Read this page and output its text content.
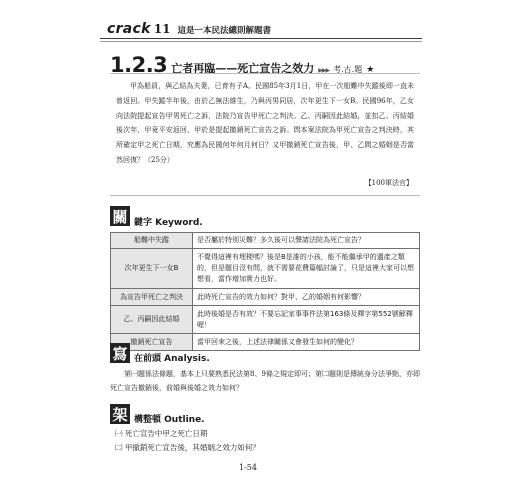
crack 11 這是一本民法總則解題書
1.2.3 亡者再臨——死亡宣告之效力 ▶▶▶ 考.古.題 ★

甲為船員，與乙結為夫妻，已育有子A。民國85年3月1日，甲在一次船難中失蹤後即一直未曾返回。甲失蹤半年後，由於乙無法維生，乃與丙男同居，次年更生下一女B。民國96年，乙女向法院提起宣告甲男死亡之訴，法院乃宣告甲死亡之判決。乙、丙嗣因此結婚，並扣乙、丙結婚後次年，甲竟平安返回，甲於是提起撤銷死亡宣告之訴。問本案法院為甲死亡宣告之判決時，其所確定甲之死亡日期，究應為民國何年何月何日？又甲撤銷死亡宣告後，甲、乙間之婚姻是否當然回復？（25分）

【100軍法官】
關 鍵字 Keyword.
船難中失蹤	是否屬於特別災難？多久後可以聲請法院為死亡宣告？
次年更生下一女B	不覺得這裡有埋梗嗎？後是B是誰的小孩，能不能繼承甲的遺產之類的，但是題目沒有問，就不需要花費篇幅討論了，只是這裡大家可以想想看，當作增加實力也好。
為宣告甲死亡之判決	此時死亡宣告的效力如何？對甲、乙的婚姻有何影響？
乙、丙嗣因此結婚	此時後婚是否有效？不要忘記家事事件法第163條及釋字第552號解釋喔！
撤銷死亡宣告	當甲回來之後，上述法律關係又會發生如何的變化？
寫 在前頭 Analysis.

第㈠題係法條題，基本上只要熟悉民法第8、9條之規定即可；第㈡題則是傳統身分法爭點，亦即死亡宣告撤銷後，前婚與後婚之效力如何？

架 構整頓 Outline.
㈠ 死亡宣告中甲之死亡日期
㈡ 甲撤銷死亡宣告後，其婚姻之效力如何？
1-54
